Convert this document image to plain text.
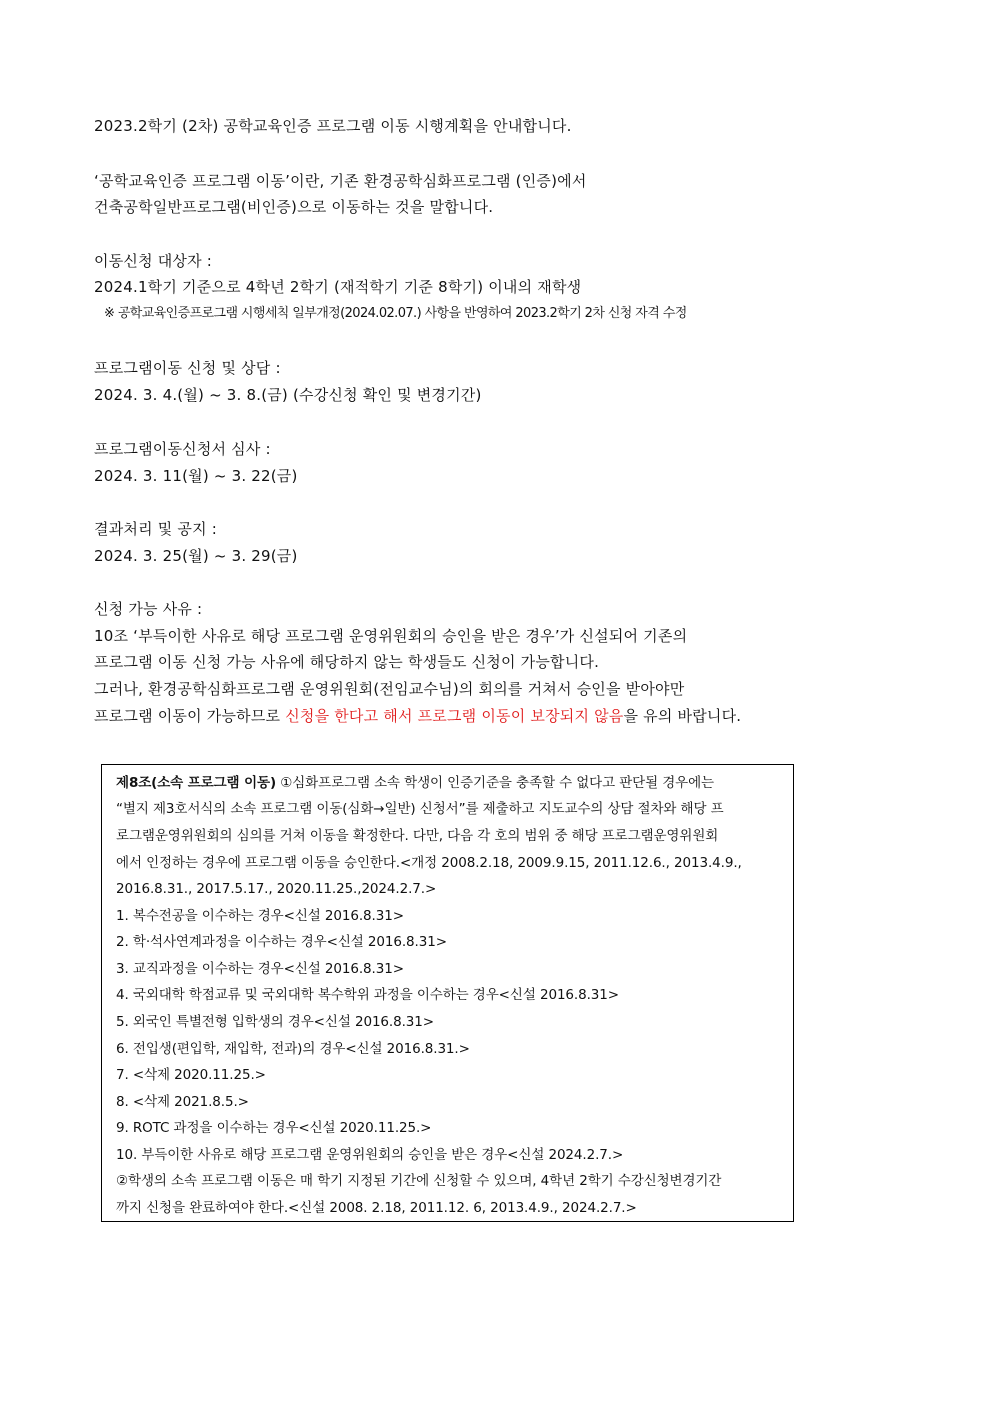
2023.2학기 (2차) 공학교육인증 프로그램 이동 시행계획을 안내합니다.
‘공학교육인증 프로그램 이동’이란, 기존 환경공학심화프로그램 (인증)에서
건축공학일반프로그램(비인증)으로 이동하는 것을 말합니다.
이동신청 대상자 :
2024.1학기 기준으로 4학년 2학기 (재적학기 기준 8학기) 이내의 재학생
※ 공학교육인증프로그램 시행세칙 일부개정(2024.02.07.) 사항을 반영하여 2023.2학기 2차 신청 자격 수정
프로그램이동 신청 및 상담 :
2024. 3. 4.(월) ~ 3. 8.(금) (수강신청 확인 및 변경기간)
프로그램이동신청서 심사 :
2024. 3. 11(월) ~ 3. 22(금)
결과처리 및 공지 :
2024. 3. 25(월) ~ 3. 29(금)
신청 가능 사유 :
10조 ‘부득이한 사유로 해당 프로그램 운영위원회의 승인을 받은 경우’가 신설되어 기존의
프로그램 이동 신청 가능 사유에 해당하지 않는 학생들도 신청이 가능합니다.
그러나, 환경공학심화프로그램 운영위원회(전임교수님)의 회의를 거쳐서 승인을 받아야만
프로그램 이동이 가능하므로 신청을 한다고 해서 프로그램 이동이 보장되지 않음을 유의 바랍니다.
제8조(소속 프로그램 이동) ①심화프로그램 소속 학생이 인증기준을 충족할 수 없다고 판단될 경우에는
“별지 제3호서식의 소속 프로그램 이동(심화→일반) 신청서”를 제출하고 지도교수의 상담 절차와 해당 프
로그램운영위원회의 심의를 거쳐 이동을 확정한다. 다만, 다음 각 호의 범위 중 해당 프로그램운영위원회
에서 인정하는 경우에 프로그램 이동을 승인한다.<개정 2008.2.18, 2009.9.15, 2011.12.6., 2013.4.9.,
2016.8.31., 2017.5.17., 2020.11.25.,2024.2.7.>
1. 복수전공을 이수하는 경우<신설 2016.8.31>
2. 학·석사연계과정을 이수하는 경우<신설 2016.8.31>
3. 교직과정을 이수하는 경우<신설 2016.8.31>
4. 국외대학 학점교류 및 국외대학 복수학위 과정을 이수하는 경우<신설 2016.8.31>
5. 외국인 특별전형 입학생의 경우<신설 2016.8.31>
6. 전입생(편입학, 재입학, 전과)의 경우<신설 2016.8.31.>
7. <삭제 2020.11.25.>
8. <삭제 2021.8.5.>
9. ROTC 과정을 이수하는 경우<신설 2020.11.25.>
10. 부득이한 사유로 해당 프로그램 운영위원회의 승인을 받은 경우<신설 2024.2.7.>
②학생의 소속 프로그램 이동은 매 학기 지정된 기간에 신청할 수 있으며, 4학년 2학기 수강신청변경기간
까지 신청을 완료하여야 한다.<신설 2008. 2.18, 2011.12. 6, 2013.4.9., 2024.2.7.>
